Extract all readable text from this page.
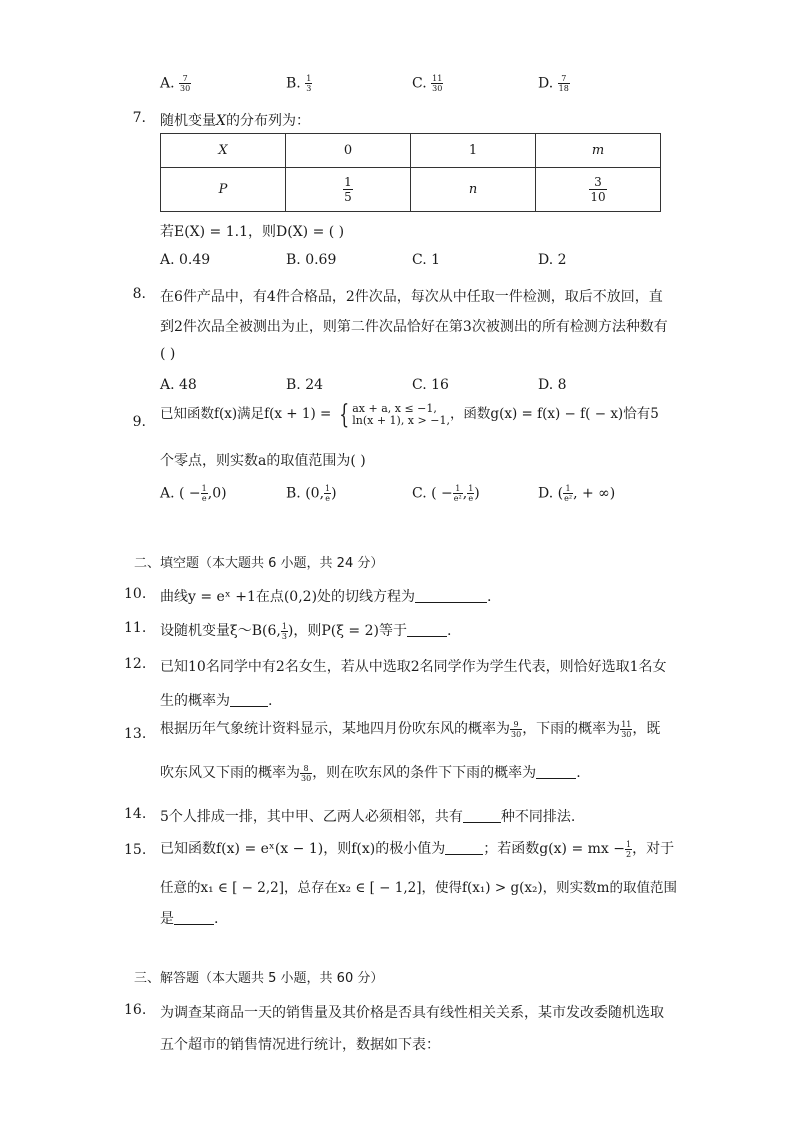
A. $\frac{7}{30}$	B. $\frac{1}{3}$	C. $\frac{11}{30}$	D. $\frac{7}{18}$
7. 随机变量X的分布列为：
X	0	1	m
P	$\frac{1}{5}$	n	$\frac{3}{10}$
若E(X) = 1.1，则D(X) = ( )
A. 0.49	B. 0.69	C. 1	D. 2
8. 在6件产品中，有4件合格品，2件次品，每次从中任取一件检测，取后不放回，直
到2件次品全被测出为止，则第二件次品恰好在第3次被测出的所有检测方法种数有
( )
A. 48	B. 24	C. 16	D. 8
9. 已知函数f(x)满足f(x + 1) = { ax + a, x ≤ −1,
ln(x + 1), x > −1, ，函数g(x) = f(x) − f( − x)恰有5
个零点，则实数a的取值范围为( )
A. ( − $\frac{1}{e} ,0$)	B. (0, $\frac{1}{e}$ )	C. ( − $\frac{1}{\text{e²}}$ , $\frac{1}{e}$ )	D. ( $\frac{1}{\text{e²}}$ , + ∞)
二、填空题（本大题共 6 小题，共 24 分）
10. 曲线y = eˣ +1在点(0,2)处的切线方程为	.
11. 设随机变量ξ～B(6, $\frac{1}{3}$ )，则P(ξ = 2)等于	.
12. 已知10名同学中有2名女生，若从中选取2名同学作为学生代表，则恰好选取1名女
生的概率为	.
13. 根据历年气象统计资料显示，某地四月份吹东风的概率为 $\frac{9}{30}$ ，下雨的概率为 $\frac{11}{30}$ ，既
吹东风又下雨的概率为 $\frac{8}{30}$ ，则在吹东风的条件下下雨的概率为	.
14. 5个人排成一排，其中甲、乙两人必须相邻，共有	种不同排法.
15. 已知函数f(x) = eˣ(x − 1)，则f(x)的极小值为	；若函数g(x) = mx − $\frac{1}{2}$ ，对于
任意的x₁ ∈ [ − 2,2]，总存在x₂ ∈ [ − 1,2]，使得f(x₁) > g(x₂)，则实数m的取值范围
是	.
三、解答题（本大题共 5 小题，共 60 分）
16. 为调查某商品一天的销售量及其价格是否具有线性相关关系，某市发改委随机选取
五个超市的销售情况进行统计，数据如下表：
